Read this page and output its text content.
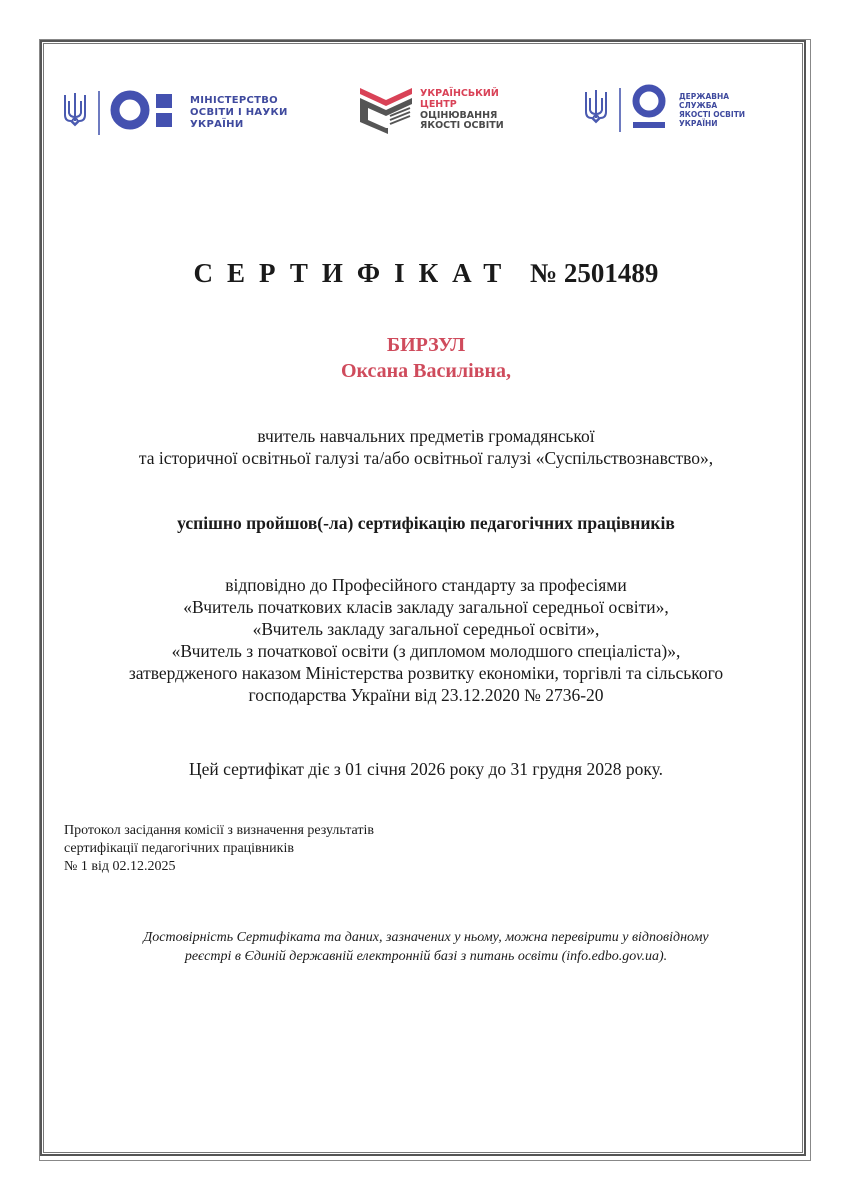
МІНІСТЕРСТВО
ОСВІТИ І НАУКИ
УКРАЇНИ
УКРАЇНСЬКИЙ
ЦЕНТР
ОЦІНЮВАННЯ
ЯКОСТІ ОСВІТИ
ДЕРЖАВНА
СЛУЖБА
ЯКОСТІ ОСВІТИ
УКРАЇНИ
СЕРТИФІКАТ № 2501489
БИРЗУЛ
Оксана Василівна,
вчитель навчальних предметів громадянської
та історичної освітньої галузі та/або освітньої галузі «Суспільствознавство»,
успішно пройшов(-ла) сертифікацію педагогічних працівників
відповідно до Професійного стандарту за професіями
«Вчитель початкових класів закладу загальної середньої освіти»,
«Вчитель закладу загальної середньої освіти»,
«Вчитель з початкової освіти (з дипломом молодшого спеціаліста)»,
затвердженого наказом Міністерства розвитку економіки, торгівлі та сільського
господарства України від 23.12.2020 № 2736-20
Цей сертифікат діє з 01 січня 2026 року до 31 грудня 2028 року.
Протокол засідання комісії з визначення результатів
сертифікації педагогічних працівників
№ 1 від 02.12.2025
Достовірність Сертифіката та даних, зазначених у ньому, можна перевірити у відповідному
реєстрі в Єдиній державній електронній базі з питань освіти (info.edbo.gov.ua).
